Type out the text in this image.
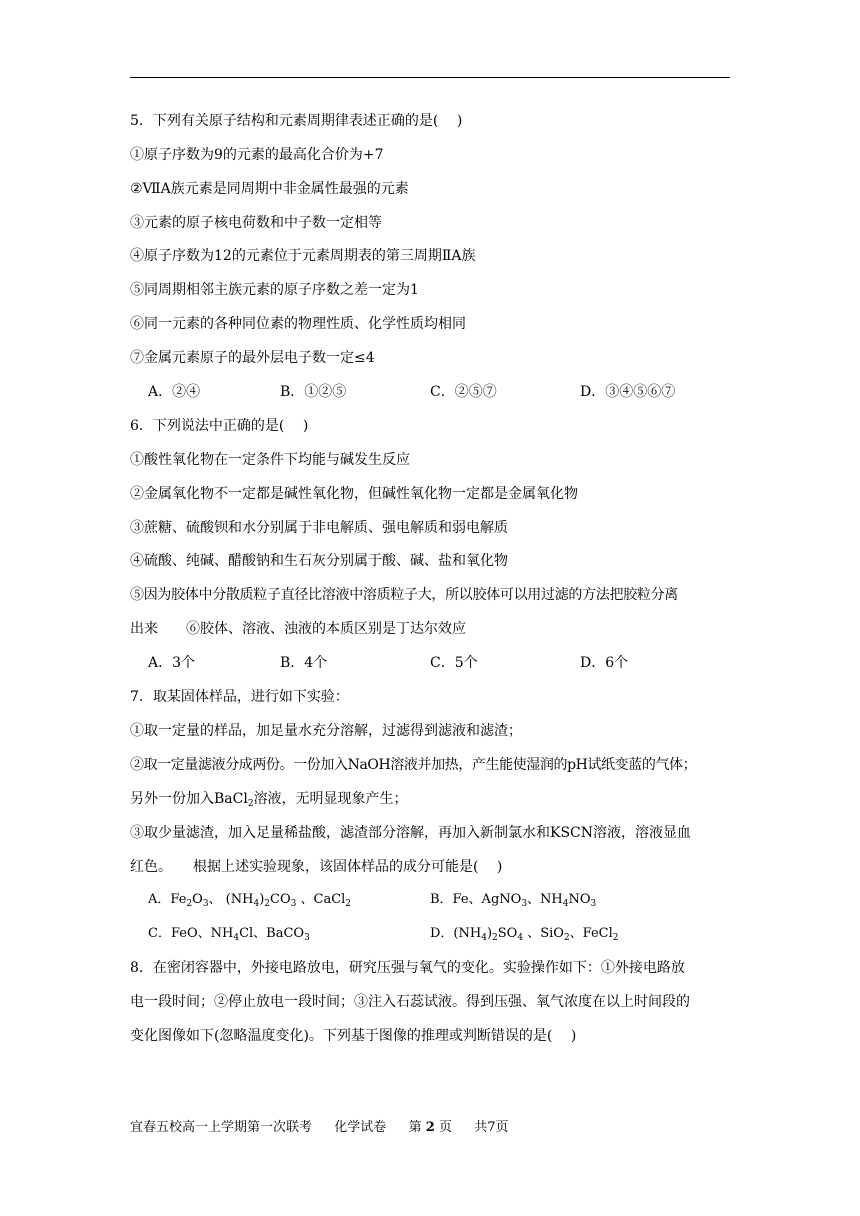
5．下列有关原子结构和元素周期律表述正确的是(　 )
①原子序数为9的元素的最高化合价为+7
②ⅦA族元素是同周期中非金属性最强的元素
③元素的原子核电荷数和中子数一定相等
④原子序数为12的元素位于元素周期表的第三周期ⅡA族
⑤同周期相邻主族元素的原子序数之差一定为1
⑥同一元素的各种同位素的物理性质、化学性质均相同
⑦金属元素原子的最外层电子数一定≤4
A．②④	B．①②⑤	C．②⑤⑦	D．③④⑤⑥⑦
6．下列说法中正确的是(　 )
①酸性氧化物在一定条件下均能与碱发生反应
②金属氧化物不一定都是碱性氧化物，但碱性氧化物一定都是金属氧化物
③蔗糖、硫酸钡和水分别属于非电解质、强电解质和弱电解质
④硫酸、纯碱、醋酸钠和生石灰分别属于酸、碱、盐和氧化物
⑤因为胶体中分散质粒子直径比溶液中溶质粒子大，所以胶体可以用过滤的方法把胶粒分离
出来　　⑥胶体、溶液、浊液的本质区别是丁达尔效应
A．3个	B．4个	C．5个	D．6个
7．取某固体样品，进行如下实验：
①取一定量的样品，加足量水充分溶解，过滤得到滤液和滤渣；
②取一定量滤液分成两份。一份加入NaOH溶液并加热，产生能使湿润的pH试纸变蓝的气体；
另外一份加入BaCl$_2$溶液，无明显现象产生；
③取少量滤渣，加入足量稀盐酸，滤渣部分溶解，再加入新制氯水和KSCN溶液，溶液显血
红色。　　根据上述实验现象，该固体样品的成分可能是(　 )
A．$Fe_2O_3$、 $(NH_4)_2CO_3$ 、CaCl$_2$	B．Fe、AgNO$_3$、$NH_4NO_3$
C．FeO、$NH_4Cl$、BaCO$_3$	D．$(NH_4)_2SO_4$ 、SiO$_2$、FeCl$_2$
8．在密闭容器中，外接电路放电，研究压强与氧气的变化。实验操作如下：①外接电路放
电一段时间；②停止放电一段时间；③注入石蕊试液。得到压强、氧气浓度在以上时间段的
变化图像如下(忽略温度变化)。下列基于图像的推理或判断错误的是(　 )
宜春五校高一上学期第一次联考 化学试卷 第 2 页 共7页
